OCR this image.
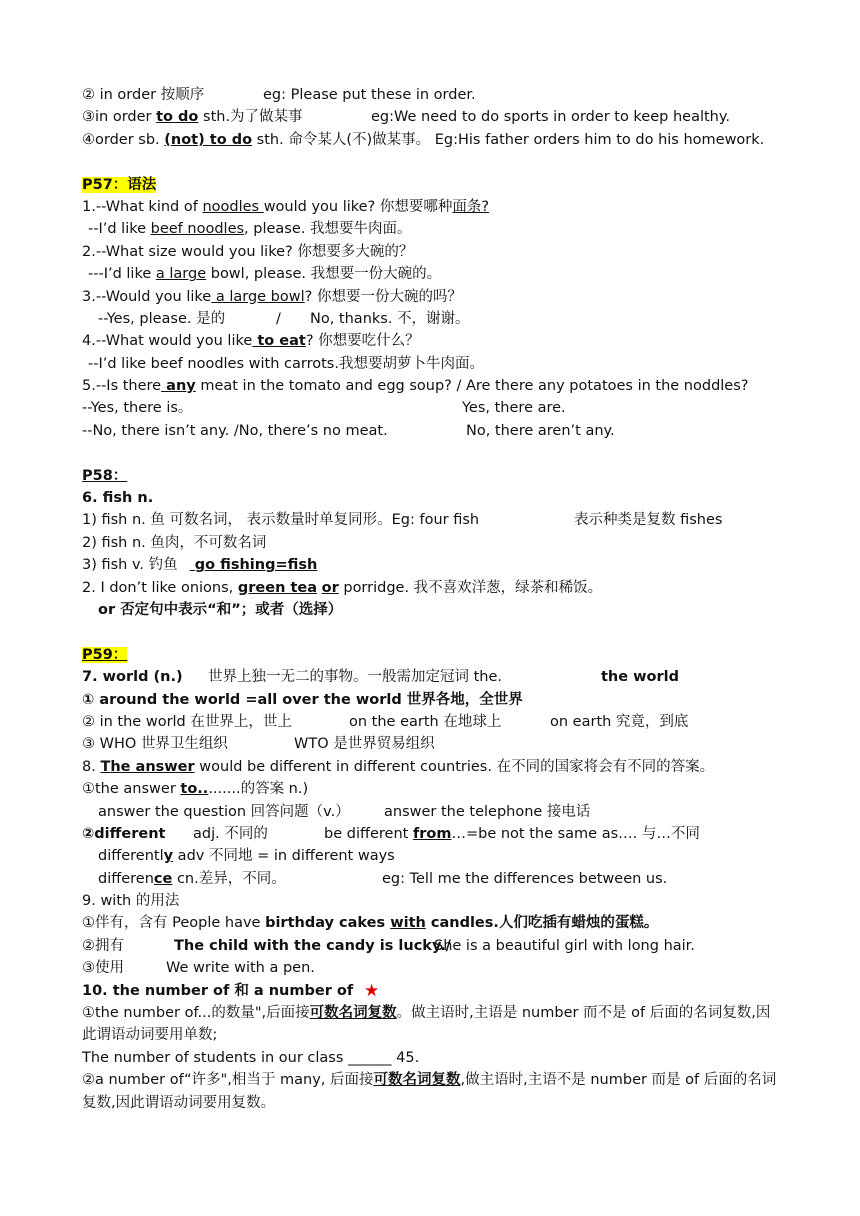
② in order 按顺序	eg: Please put these in order.
③in order to do sth.为了做某事	eg:We need to do sports in order to keep healthy.
④order sb. (not) to do sth. 命令某人(不)做某事。 Eg:His father orders him to do his homework.
P57：语法
1.--What kind of noodles would you like? 你想要哪种面条?
--I’d like beef noodles, please. 我想要牛肉面。
2.--What size would you like? 你想要多大碗的？
---I’d like a large bowl, please. 我想要一份大碗的。
3.--Would you like a large bowl? 你想要一份大碗的吗？
--Yes, please. 是的	/ No, thanks. 不，谢谢。
4.--What would you like to eat? 你想要吃什么？
--I’d like beef noodles with carrots.我想要胡萝卜牛肉面。
5.--Is there any meat in the tomato and egg soup? / Are there any potatoes in the noddles?
--Yes, there is。	Yes, there are.
--No, there isn’t any. /No, there’s no meat.	No, there aren’t any.
P58：
6. fish n.
1) fish n. 鱼 可数名词， 表示数量时单复同形。Eg: four fish	表示种类是复数 fishes
2) fish n. 鱼肉，不可数名词
3) fish v. 钓鱼 go fishing=fish
2. I don’t like onions, green tea or porridge. 我不喜欢洋葱，绿茶和稀饭。
or 否定句中表示“和”；或者（选择）
P59：
7. world (n.) 世界上独一无二的事物。一般需加定冠词 the.	the world
① around the world =all over the world 世界各地，全世界
② in the world 在世界上，世上	on the earth 在地球上	on earth 究竟，到底
③ WHO 世界卫生组织	WTO 是世界贸易组织
8. The answer would be different in different countries. 在不同的国家将会有不同的答案。
①the answer to.........的答案 n.)
answer the question 回答问题（v.） answer the telephone 接电话
②different adj. 不同的	be different from…=be not the same as…. 与…不同
differently adv 不同地 = in different ways
difference cn.差异，不同。	eg: Tell me the differences between us.
9. with 的用法
①伴有，含有 People have birthday cakes with candles.人们吃插有蜡烛的蛋糕。
②拥有	The child with the candy is lucky./
She is a beautiful girl with long hair.
③使用	We write with a pen.
10. the number of 和 a number of ★
①the number of...的数量",后面接可数名词复数。做主语时,主语是 number 而不是 of 后面的名词复数,因此谓语动词要用单数;
The number of students in our class ______ 45.
②a number of“许多",相当于 many, 后面接可数名词复数,做主语时,主语不是 number 而是 of 后面的名词复数,因此谓语动词要用复数。
